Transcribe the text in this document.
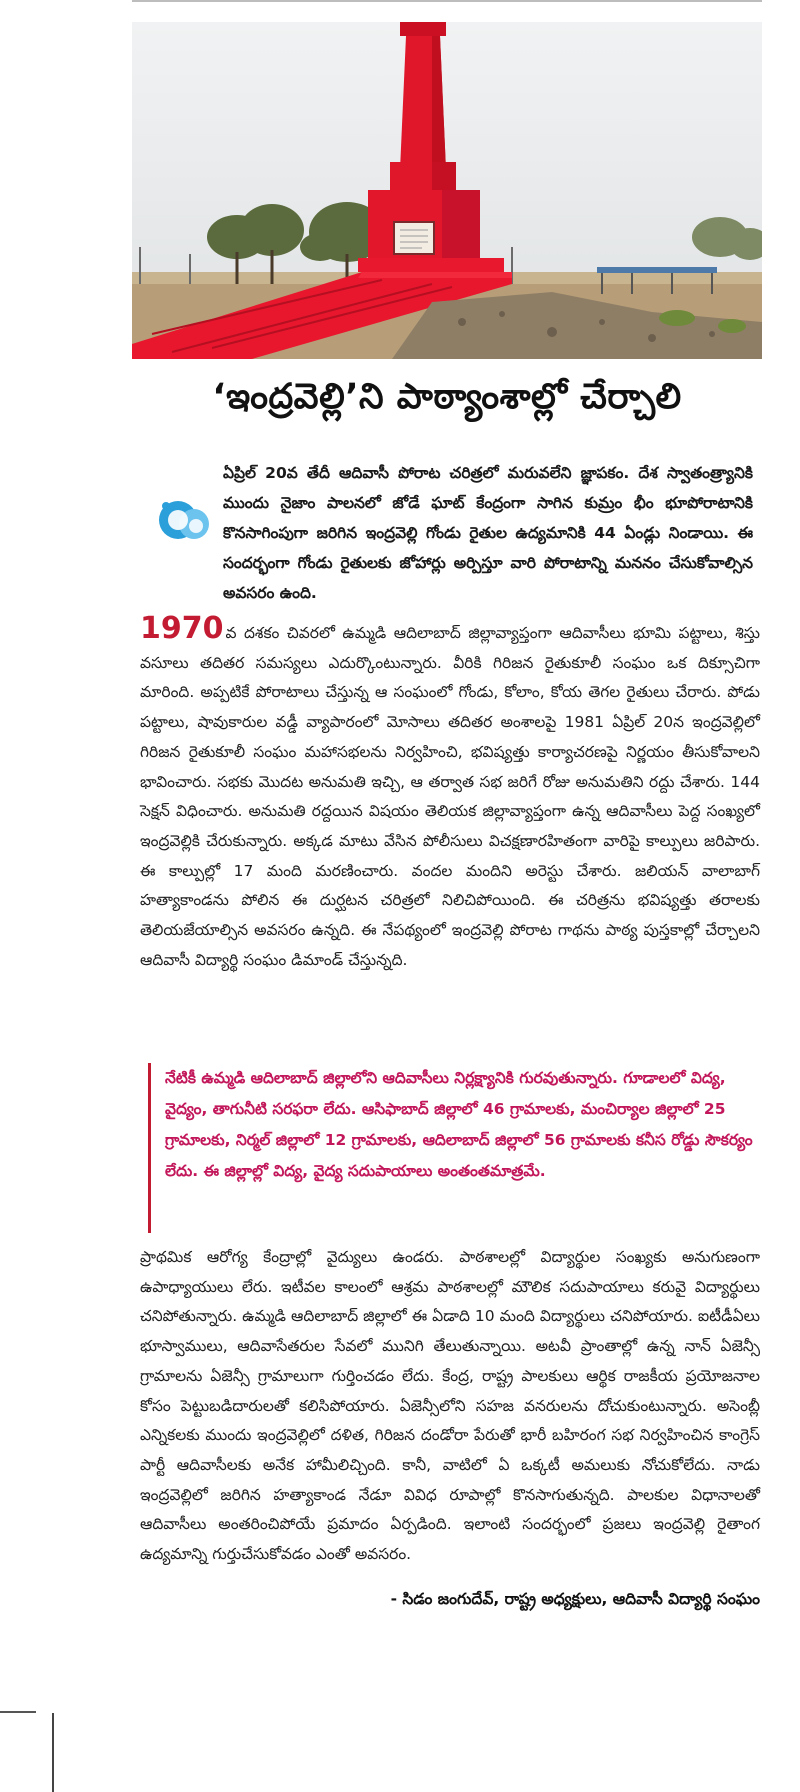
‘ఇంద్రవెల్లి’ని పాఠ్యాంశాల్లో చేర్చాలి

ఏప్రిల్ 20వ తేదీ ఆదివాసీ పోరాట చరిత్రలో మరువలేని జ్ఞాపకం. దేశ స్వాతంత్ర్యానికి ముందు నైజాం పాలనలో జోడే ఘాట్ కేంద్రంగా సాగిన కుమ్రం భీం భూపోరాటానికి కొనసాగింపుగా జరిగిన ఇంద్రవెల్లి గోండు రైతుల ఉద్యమానికి 44 ఏండ్లు నిండాయి. ఈ సందర్భంగా గోండు రైతులకు జోహార్లు అర్పిస్తూ వారి పోరాటాన్ని మననం చేసుకోవాల్సిన అవసరం ఉంది.

1970 వ దశకం చివరలో ఉమ్మడి ఆదిలాబాద్ జిల్లావ్యాప్తంగా ఆదివాసీలు భూమి పట్టాలు, శిస్తు వసూలు తదితర సమస్యలు ఎదుర్కొంటున్నారు. వీరికి గిరిజన రైతుకూలీ సంఘం ఒక దిక్సూచిగా మారింది. అప్పటికే పోరాటాలు చేస్తున్న ఆ సంఘంలో గోండు, కోలాం, కోయ తెగల రైతులు చేరారు. పోడు పట్టాలు, షావుకారుల వడ్డీ వ్యాపారంలో మోసాలు తదితర అంశాలపై 1981 ఏప్రిల్ 20న ఇంద్రవెల్లిలో గిరిజన రైతుకూలీ సంఘం మహాసభలను నిర్వహించి, భవిష్యత్తు కార్యాచరణపై నిర్ణయం తీసుకోవాలని భావించారు. సభకు మొదట అనుమతి ఇచ్చి, ఆ తర్వాత సభ జరిగే రోజు అనుమతిని రద్దు చేశారు. 144 సెక్షన్ విధించారు. అనుమతి రద్దయిన విషయం తెలియక జిల్లావ్యాప్తంగా ఉన్న ఆదివాసీలు పెద్ద సంఖ్యలో ఇంద్రవెల్లికి చేరుకున్నారు. అక్కడ మాటు వేసిన పోలీసులు విచక్షణారహితంగా వారిపై కాల్పులు జరిపారు. ఈ కాల్పుల్లో 17 మంది మరణించారు. వందల మందిని అరెస్టు చేశారు. జలియన్ వాలాబాగ్ హత్యాకాండను పోలిన ఈ దుర్ఘటన చరిత్రలో నిలిచిపోయింది. ఈ చరిత్రను భవిష్యత్తు తరాలకు తెలియజేయాల్సిన అవసరం ఉన్నది. ఈ నేపథ్యంలో ఇంద్రవెల్లి పోరాట గాథను పాఠ్య పుస్తకాల్లో చేర్చాలని ఆదివాసీ విద్యార్థి సంఘం డిమాండ్ చేస్తున్నది.

నేటికీ ఉమ్మడి ఆదిలాబాద్ జిల్లాలోని ఆదివాసీలు నిర్లక్ష్యానికి గురవుతున్నారు. గూడాలలో విద్య, వైద్యం, తాగునీటి సరఫరా లేదు. ఆసిఫాబాద్ జిల్లాలో 46 గ్రామాలకు, మంచిర్యాల జిల్లాలో 25 గ్రామాలకు, నిర్మల్ జిల్లాలో 12 గ్రామాలకు, ఆదిలాబాద్ జిల్లాలో 56 గ్రామాలకు కనీస రోడ్డు సౌకర్యం లేదు. ఈ జిల్లాల్లో విద్య, వైద్య సదుపాయాలు అంతంతమాత్రమే.

ప్రాథమిక ఆరోగ్య కేంద్రాల్లో వైద్యులు ఉండరు. పాఠశాలల్లో విద్యార్థుల సంఖ్యకు అనుగుణంగా ఉపాధ్యాయులు లేరు. ఇటీవల కాలంలో ఆశ్రమ పాఠశాలల్లో మౌలిక సదుపాయాలు కరువై విద్యార్థులు చనిపోతున్నారు. ఉమ్మడి ఆదిలాబాద్ జిల్లాలో ఈ ఏడాది 10 మంది విద్యార్థులు చనిపోయారు. ఐటీడీఏలు భూస్వాములు, ఆదివాసేతరుల సేవలో మునిగి తేలుతున్నాయి. అటవీ ప్రాంతాల్లో ఉన్న నాన్ ఏజెన్సీ గ్రామాలను ఏజెన్సీ గ్రామాలుగా గుర్తించడం లేదు. కేంద్ర, రాష్ట్ర పాలకులు ఆర్థిక రాజకీయ ప్రయోజనాల కోసం పెట్టుబడిదారులతో కలిసిపోయారు. ఏజెన్సీలోని సహజ వనరులను దోచుకుంటున్నారు. అసెంబ్లీ ఎన్నికలకు ముందు ఇంద్రవెల్లిలో దళిత, గిరిజన దండోరా పేరుతో భారీ బహిరంగ సభ నిర్వహించిన కాంగ్రెస్ పార్టీ ఆదివాసీలకు అనేక హామీలిచ్చింది. కానీ, వాటిలో ఏ ఒక్కటీ అమలుకు నోచుకోలేదు. నాడు ఇంద్రవెల్లిలో జరిగిన హత్యాకాండ నేడూ వివిధ రూపాల్లో కొనసాగుతున్నది. పాలకుల విధానాలతో ఆదివాసీలు అంతరించిపోయే ప్రమాదం ఏర్పడింది. ఇలాంటి సందర్భంలో ప్రజలు ఇంద్రవెల్లి రైతాంగ ఉద్యమాన్ని గుర్తుచేసుకోవడం ఎంతో అవసరం.

- సిడం జంగుదేవ్, రాష్ట్ర అధ్యక్షులు, ఆదివాసీ విద్యార్థి సంఘం
